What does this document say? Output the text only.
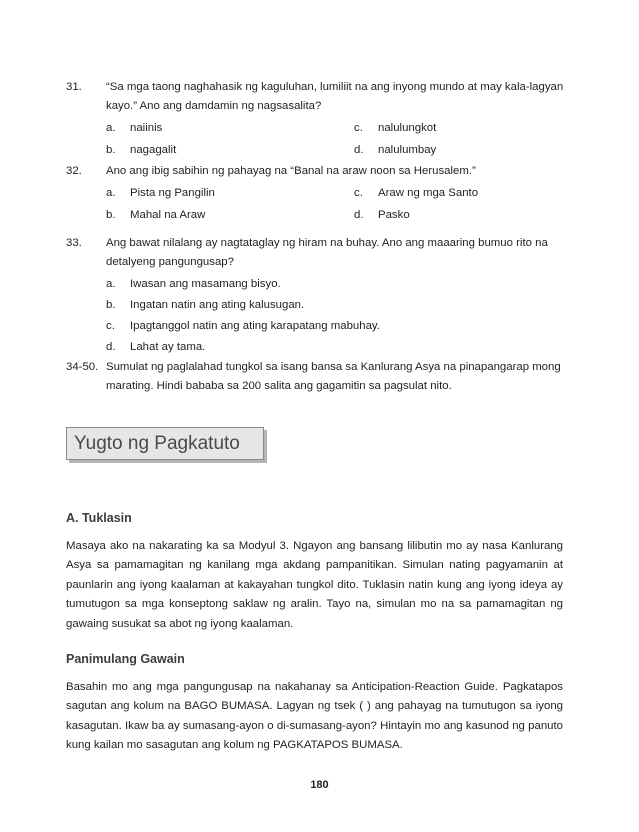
31. “Sa mga taong naghahasik ng kaguluhan, lumiliit na ang inyong mundo at may kala-lagyan kayo.” Ano ang damdamin ng nagsasalita?
a. naiinis	c. nalulungkot
b. nagagalit	d. nalulumbay
32. Ano ang ibig sabihin ng pahayag na “Banal na araw noon sa Herusalem.”
a. Pista ng Pangilin	c. Araw ng mga Santo
b. Mahal na Araw	d. Pasko
33. Ang bawat nilalang ay nagtataglay ng hiram na buhay. Ano ang maaaring bumuo rito na detalyeng pangungusap?
a. Iwasan ang masamang bisyo.
b. Ingatan natin ang ating kalusugan.
c. Ipagtanggol natin ang ating karapatang mabuhay.
d. Lahat ay tama.
34-50. Sumulat ng paglalahad tungkol sa isang bansa sa Kanlurang Asya na pinapangarap mong marating. Hindi bababa sa 200 salita ang gagamitin sa pagsulat nito.
Yugto ng Pagkatuto
A. Tuklasin
Masaya ako na nakarating ka sa Modyul 3. Ngayon ang bansang lilibutin mo ay nasa Kanlurang Asya sa pamamagitan ng kanilang mga akdang pampanitikan. Simulan nating pagyamanin at paunlarin ang iyong kaalaman at kakayahan tungkol dito. Tuklasin natin kung ang iyong ideya ay tumutugon sa mga konseptong saklaw ng aralin. Tayo na, simulan mo na sa pamamagitan ng gawaing susukat sa abot ng iyong kaalaman.
Panimulang Gawain
Basahin mo ang mga pangungusap na nakahanay sa Anticipation-Reaction Guide. Pagkatapos sagutan ang kolum na BAGO BUMASA. Lagyan ng tsek ( ) ang pahayag na tumutugon sa iyong kasagutan. Ikaw ba ay sumasang-ayon o di-sumasang-ayon? Hintayin mo ang kasunod ng panuto kung kailan mo sasagutan ang kolum ng PAGKATAPOS BUMASA.
180
